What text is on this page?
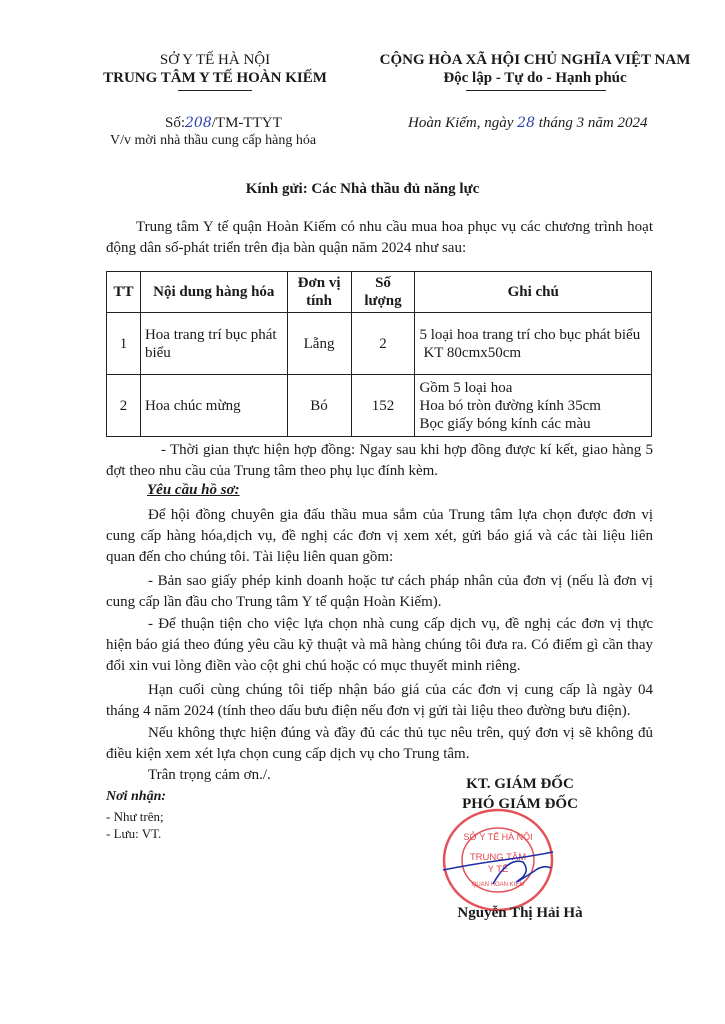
SỞ Y TẾ HÀ NỘI
TRUNG TÂM Y TẾ HOÀN KIẾM
CỘNG HÒA XÃ HỘI CHỦ NGHĨA VIỆT NAM
Độc lập - Tự do - Hạnh phúc
Số:208/TM-TTYT
V/v mời nhà thầu cung cấp hàng hóa
Hoàn Kiếm, ngày 28 tháng 3 năm 2024
Kính gửi: Các Nhà thầu đủ năng lực
Trung tâm Y tế quận Hoàn Kiếm có nhu cầu mua hoa phục vụ các chương trình hoạt động dân số-phát triển trên địa bàn quận năm 2024 như sau:
TT	Nội dung hàng hóa	Đơn vị tính	Số lượng	Ghi chú
1	Hoa trang trí bục phát biểu	Lẵng	2	5 loại hoa trang trí cho bục phát biểu
KT 80cmx50cm

2	Hoa chúc mừng	Bó	152	Gồm 5 loại hoa
Hoa bó tròn đường kính 35cm
Bọc giấy bóng kính các màu
- Thời gian thực hiện hợp đồng: Ngay sau khi hợp đồng được kí kết, giao hàng 5 đợt theo nhu cầu của Trung tâm theo phụ lục đính kèm.
Yêu cầu hồ sơ:
Để hội đồng chuyên gia đấu thầu mua sắm của Trung tâm lựa chọn được đơn vị cung cấp hàng hóa,dịch vụ, đề nghị các đơn vị xem xét, gửi báo giá và các tài liệu liên quan đến cho chúng tôi. Tài liệu liên quan gồm:
- Bản sao giấy phép kinh doanh hoặc tư cách pháp nhân của đơn vị (nếu là đơn vị cung cấp lần đầu cho Trung tâm Y tế quận Hoàn Kiếm).
- Để thuận tiện cho việc lựa chọn nhà cung cấp dịch vụ, đề nghị các đơn vị thực hiện báo giá theo đúng yêu cầu kỹ thuật và mã hàng chúng tôi đưa ra. Có điểm gì cần thay đổi xin vui lòng điền vào cột ghi chú hoặc có mục thuyết minh riêng.
Hạn cuối cùng chúng tôi tiếp nhận báo giá của các đơn vị cung cấp là ngày 04 tháng 4 năm 2024 (tính theo dấu bưu điện nếu đơn vị gửi tài liệu theo đường bưu điện).
Nếu không thực hiện đúng và đầy đủ các thủ tục nêu trên, quý đơn vị sẽ không đủ điều kiện xem xét lựa chọn cung cấp dịch vụ cho Trung tâm.
Trân trọng cảm ơn./.
Nơi nhận:
- Như trên;
- Lưu: VT.
KT. GIÁM ĐỐC
PHÓ GIÁM ĐỐC
SỞ Y TẾ HÀ NỘI
TRUNG TÂM
Y TẾ
QUẬN HOÀN KIẾM
Nguyễn Thị Hải Hà
